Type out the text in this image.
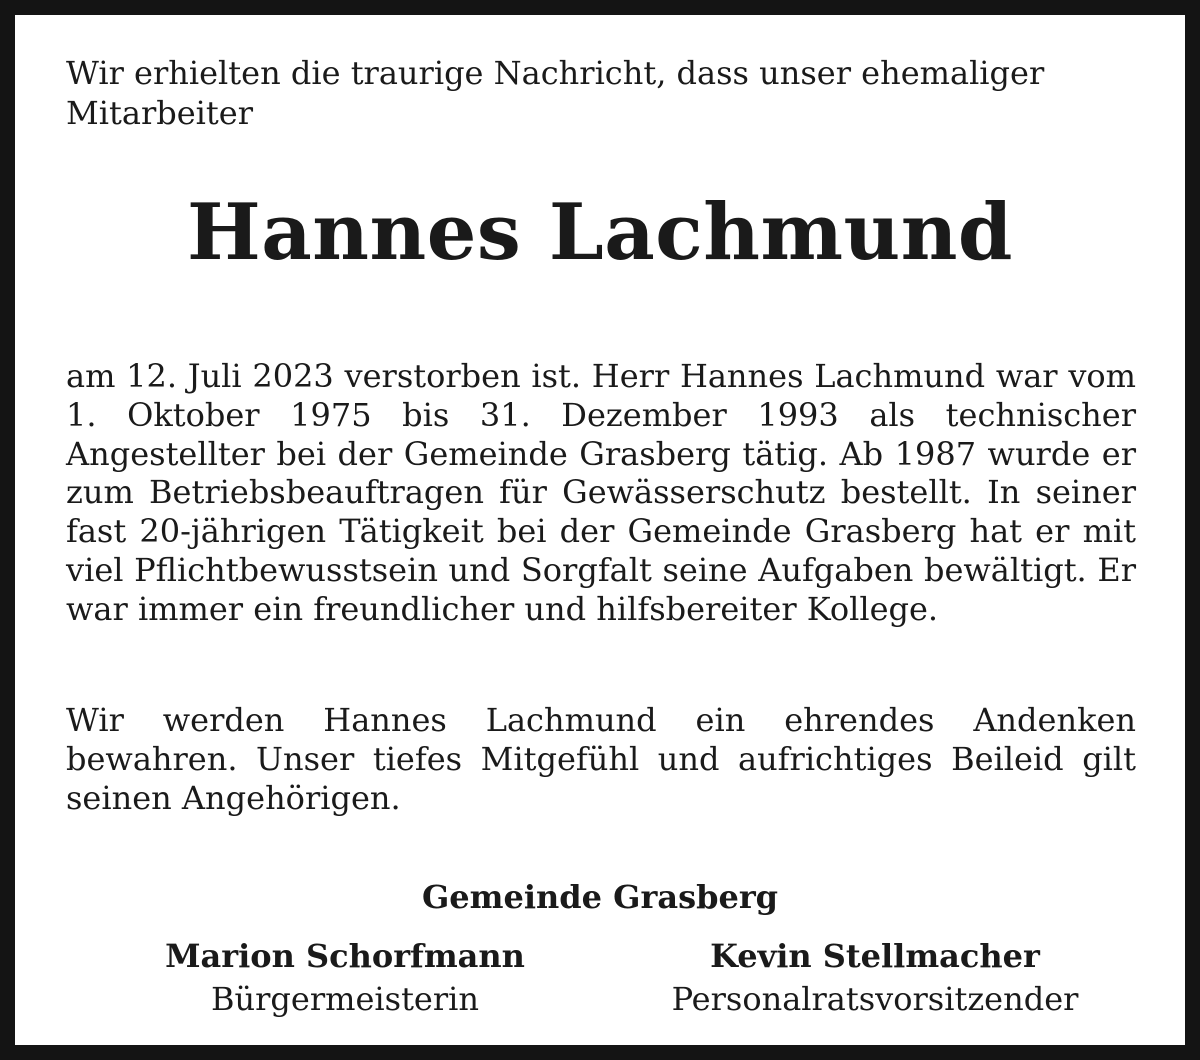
Wir erhielten die traurige Nachricht, dass unser ehemaliger Mitarbeiter

Hannes Lachmund

am 12. Juli 2023 verstorben ist. Herr Hannes Lachmund war vom 1. Oktober 1975 bis 31. Dezember 1993 als technischer Angestellter bei der Gemeinde Grasberg tätig. Ab 1987 wurde er zum Betriebsbeauftragen für Gewässerschutz bestellt. In seiner fast 20-jährigen Tätigkeit bei der Gemeinde Grasberg hat er mit viel Pflichtbewusstsein und Sorgfalt seine Aufgaben bewältigt. Er war immer ein freundlicher und hilfsbereiter Kollege.

Wir werden Hannes Lachmund ein ehrendes Andenken bewahren. Unser tiefes Mitgefühl und aufrichtiges Beileid gilt seinen Angehörigen.

Gemeinde Grasberg

Marion Schorfmann
Bürgermeisterin
Kevin Stellmacher
Personalratsvorsitzender
